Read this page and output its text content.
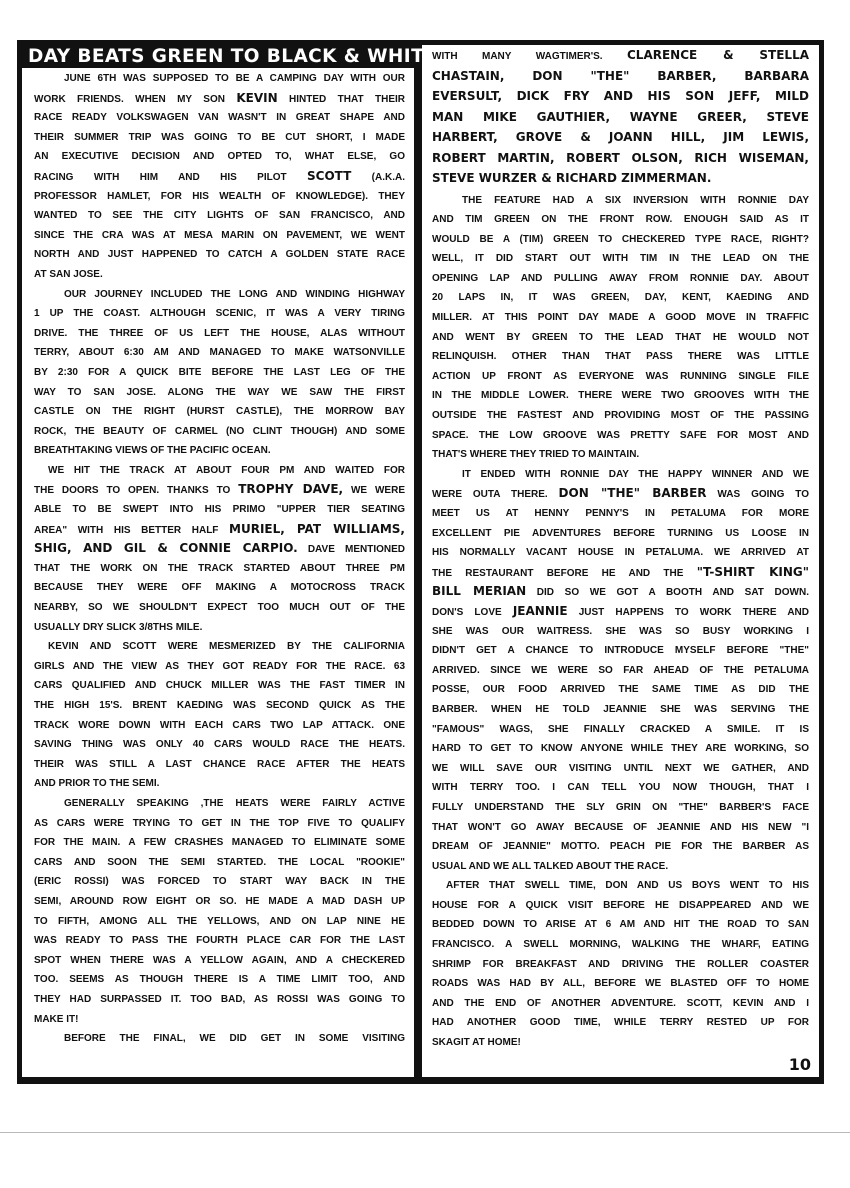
DAY BEATS GREEN TO BLACK & WHITE
JUNE 6TH WAS SUPPOSED TO BE A CAMPING DAY WITH OUR
WORK FRIENDS. WHEN MY SON KEVIN HINTED THAT THEIR
RACE READY VOLKSWAGEN VAN WASN'T IN GREAT SHAPE AND
THEIR SUMMER TRIP WAS GOING TO BE CUT SHORT, I MADE
AN EXECUTIVE DECISION AND OPTED TO, WHAT ELSE, GO
RACING WITH HIM AND HIS PILOT SCOTT (A.K.A.
PROFESSOR HAMLET, FOR HIS WEALTH OF KNOWLEDGE). THEY
WANTED TO SEE THE CITY LIGHTS OF SAN FRANCISCO, AND
SINCE THE CRA WAS AT MESA MARIN ON PAVEMENT, WE WENT
NORTH AND JUST HAPPENED TO CATCH A GOLDEN STATE RACE
AT SAN JOSE.
OUR JOURNEY INCLUDED THE LONG AND WINDING HIGHWAY
1 UP THE COAST. ALTHOUGH SCENIC, IT WAS A VERY TIRING
DRIVE. THE THREE OF US LEFT THE HOUSE, ALAS WITHOUT
TERRY, ABOUT 6:30 AM AND MANAGED TO MAKE WATSONVILLE
BY 2:30 FOR A QUICK BITE BEFORE THE LAST LEG OF THE
WAY TO SAN JOSE. ALONG THE WAY WE SAW THE FIRST
CASTLE ON THE RIGHT (HURST CASTLE), THE MORROW BAY
ROCK, THE BEAUTY OF CARMEL (NO CLINT THOUGH) AND SOME
BREATHTAKING VIEWS OF THE PACIFIC OCEAN.
WE HIT THE TRACK AT ABOUT FOUR PM AND WAITED FOR
THE DOORS TO OPEN. THANKS TO TROPHY DAVE, WE WERE
ABLE TO BE SWEPT INTO HIS PRIMO "UPPER TIER SEATING
AREA" WITH HIS BETTER HALF MURIEL, PAT WILLIAMS,
SHIG, AND GIL & CONNIE CARPIO. DAVE MENTIONED
THAT THE WORK ON THE TRACK STARTED ABOUT THREE PM
BECAUSE THEY WERE OFF MAKING A MOTOCROSS TRACK
NEARBY, SO WE SHOULDN'T EXPECT TOO MUCH OUT OF THE
USUALLY DRY SLICK 3/8THS MILE.
KEVIN AND SCOTT WERE MESMERIZED BY THE CALIFORNIA
GIRLS AND THE VIEW AS THEY GOT READY FOR THE RACE. 63
CARS QUALIFIED AND CHUCK MILLER WAS THE FAST TIMER IN
THE HIGH 15'S. BRENT KAEDING WAS SECOND QUICK AS THE
TRACK WORE DOWN WITH EACH CARS TWO LAP ATTACK. ONE
SAVING THING WAS ONLY 40 CARS WOULD RACE THE HEATS.
THEIR WAS STILL A LAST CHANCE RACE AFTER THE HEATS
AND PRIOR TO THE SEMI.
GENERALLY SPEAKING ,THE HEATS WERE FAIRLY ACTIVE
AS CARS WERE TRYING TO GET IN THE TOP FIVE TO QUALIFY
FOR THE MAIN. A FEW CRASHES MANAGED TO ELIMINATE SOME
CARS AND SOON THE SEMI STARTED. THE LOCAL "ROOKIE"
(ERIC ROSSI) WAS FORCED TO START WAY BACK IN THE
SEMI, AROUND ROW EIGHT OR SO. HE MADE A MAD DASH UP
TO FIFTH, AMONG ALL THE YELLOWS, AND ON LAP NINE HE
WAS READY TO PASS THE FOURTH PLACE CAR FOR THE LAST
SPOT WHEN THERE WAS A YELLOW AGAIN, AND A CHECKERED
TOO. SEEMS AS THOUGH THERE IS A TIME LIMIT TOO, AND
THEY HAD SURPASSED IT. TOO BAD, AS ROSSI WAS GOING TO
MAKE IT!
BEFORE THE FINAL, WE DID GET IN SOME VISITING
WITH MANY WAGTIMER'S. CLARENCE & STELLA
CHASTAIN, DON "THE" BARBER, BARBARA
EVERSULT, DICK FRY AND HIS SON JEFF, MILD
MAN MIKE GAUTHIER, WAYNE GREER, STEVE
HARBERT, GROVE & JOANN HILL, JIM LEWIS,
ROBERT MARTIN, ROBERT OLSON, RICH WISEMAN,
STEVE WURZER & RICHARD ZIMMERMAN.
THE FEATURE HAD A SIX INVERSION WITH RONNIE DAY
AND TIM GREEN ON THE FRONT ROW. ENOUGH SAID AS IT
WOULD BE A (TIM) GREEN TO CHECKERED TYPE RACE, RIGHT?
WELL, IT DID START OUT WITH TIM IN THE LEAD ON THE
OPENING LAP AND PULLING AWAY FROM RONNIE DAY. ABOUT
20 LAPS IN, IT WAS GREEN, DAY, KENT, KAEDING AND
MILLER. AT THIS POINT DAY MADE A GOOD MOVE IN TRAFFIC
AND WENT BY GREEN TO THE LEAD THAT HE WOULD NOT
RELINQUISH. OTHER THAN THAT PASS THERE WAS LITTLE
ACTION UP FRONT AS EVERYONE WAS RUNNING SINGLE FILE
IN THE MIDDLE LOWER. THERE WERE TWO GROOVES WITH THE
OUTSIDE THE FASTEST AND PROVIDING MOST OF THE PASSING
SPACE. THE LOW GROOVE WAS PRETTY SAFE FOR MOST AND
THAT'S WHERE THEY TRIED TO MAINTAIN.
IT ENDED WITH RONNIE DAY THE HAPPY WINNER AND WE
WERE OUTA THERE. DON "THE" BARBER WAS GOING TO
MEET US AT HENNY PENNY'S IN PETALUMA FOR MORE
EXCELLENT PIE ADVENTURES BEFORE TURNING US LOOSE IN
HIS NORMALLY VACANT HOUSE IN PETALUMA. WE ARRIVED AT
THE RESTAURANT BEFORE HE AND THE "T-SHIRT KING"
BILL MERIAN DID SO WE GOT A BOOTH AND SAT DOWN.
DON'S LOVE JEANNIE JUST HAPPENS TO WORK THERE AND
SHE WAS OUR WAITRESS. SHE WAS SO BUSY WORKING I
DIDN'T GET A CHANCE TO INTRODUCE MYSELF BEFORE "THE"
ARRIVED. SINCE WE WERE SO FAR AHEAD OF THE PETALUMA
POSSE, OUR FOOD ARRIVED THE SAME TIME AS DID THE
BARBER. WHEN HE TOLD JEANNIE SHE WAS SERVING THE
"FAMOUS" WAGS, SHE FINALLY CRACKED A SMILE. IT IS
HARD TO GET TO KNOW ANYONE WHILE THEY ARE WORKING, SO
WE WILL SAVE OUR VISITING UNTIL NEXT WE GATHER, AND
WITH TERRY TOO. I CAN TELL YOU NOW THOUGH, THAT I
FULLY UNDERSTAND THE SLY GRIN ON "THE" BARBER'S FACE
THAT WON'T GO AWAY BECAUSE OF JEANNIE AND HIS NEW "I
DREAM OF JEANNIE" MOTTO. PEACH PIE FOR THE BARBER AS
USUAL AND WE ALL TALKED ABOUT THE RACE.
AFTER THAT SWELL TIME, DON AND US BOYS WENT TO HIS
HOUSE FOR A QUICK VISIT BEFORE HE DISAPPEARED AND WE
BEDDED DOWN TO ARISE AT 6 AM AND HIT THE ROAD TO SAN
FRANCISCO. A SWELL MORNING, WALKING THE WHARF, EATING
SHRIMP FOR BREAKFAST AND DRIVING THE ROLLER COASTER
ROADS WAS HAD BY ALL, BEFORE WE BLASTED OFF TO HOME
AND THE END OF ANOTHER ADVENTURE. SCOTT, KEVIN AND I
HAD ANOTHER GOOD TIME, WHILE TERRY RESTED UP FOR
SKAGIT AT HOME!
10
